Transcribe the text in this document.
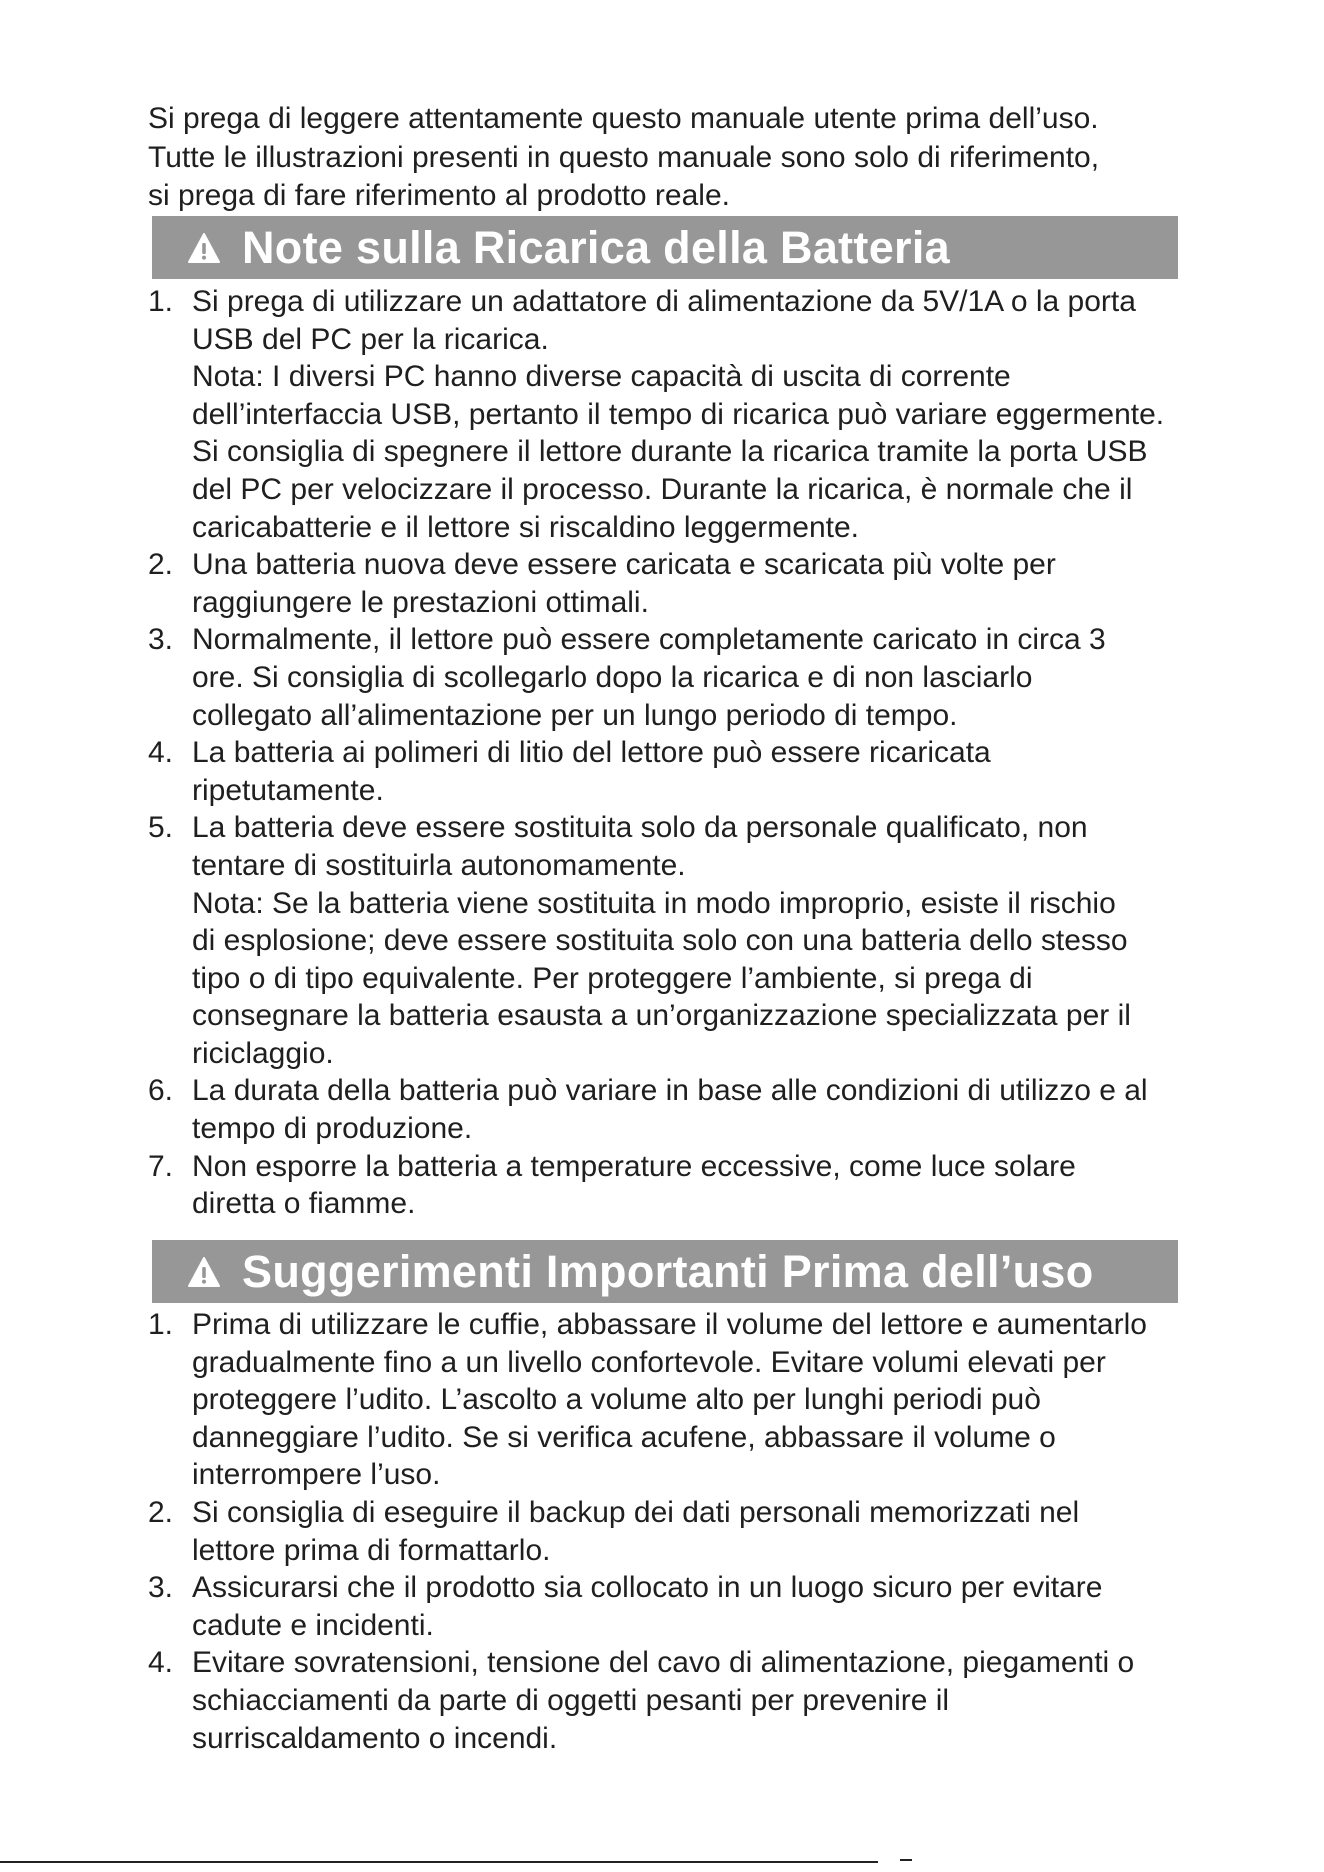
Si prega di leggere attentamente questo manuale utente prima dell’uso.

Tutte le illustrazioni presenti in questo manuale sono solo di riferimento,

si prega di fare riferimento al prodotto reale.

Note sulla Ricarica della Batteria
1. Si prega di utilizzare un adattatore di alimentazione da 5V/1A o la porta
USB del PC per la ricarica.
Nota: I diversi PC hanno diverse capacità di uscita di corrente
dell’interfaccia USB, pertanto il tempo di ricarica può variare eggermente.
Si consiglia di spegnere il lettore durante la ricarica tramite la porta USB
del PC per velocizzare il processo. Durante la ricarica, è normale che il
caricabatterie e il lettore si riscaldino leggermente.
2. Una batteria nuova deve essere caricata e scaricata più volte per
raggiungere le prestazioni ottimali.
3. Normalmente, il lettore può essere completamente caricato in circa 3
ore. Si consiglia di scollegarlo dopo la ricarica e di non lasciarlo
collegato all’alimentazione per un lungo periodo di tempo.
4. La batteria ai polimeri di litio del lettore può essere ricaricata
ripetutamente.
5. La batteria deve essere sostituita solo da personale qualificato, non
tentare di sostituirla autonomamente.
Nota: Se la batteria viene sostituita in modo improprio, esiste il rischio
di esplosione; deve essere sostituita solo con una batteria dello stesso
tipo o di tipo equivalente. Per proteggere l’ambiente, si prega di
consegnare la batteria esausta a un’organizzazione specializzata per il
riciclaggio.
6. La durata della batteria può variare in base alle condizioni di utilizzo e al
tempo di produzione.
7. Non esporre la batteria a temperature eccessive, come luce solare
diretta o fiamme.
Suggerimenti Importanti Prima dell’uso
1. Prima di utilizzare le cuffie, abbassare il volume del lettore e aumentarlo
gradualmente fino a un livello confortevole. Evitare volumi elevati per
proteggere l’udito. L’ascolto a volume alto per lunghi periodi può
danneggiare l’udito. Se si verifica acufene, abbassare il volume o
interrompere l’uso.
2. Si consiglia di eseguire il backup dei dati personali memorizzati nel
lettore prima di formattarlo.
3. Assicurarsi che il prodotto sia collocato in un luogo sicuro per evitare
cadute e incidenti.
4. Evitare sovratensioni, tensione del cavo di alimentazione, piegamenti o
schiacciamenti da parte di oggetti pesanti per prevenire il
surriscaldamento o incendi.
